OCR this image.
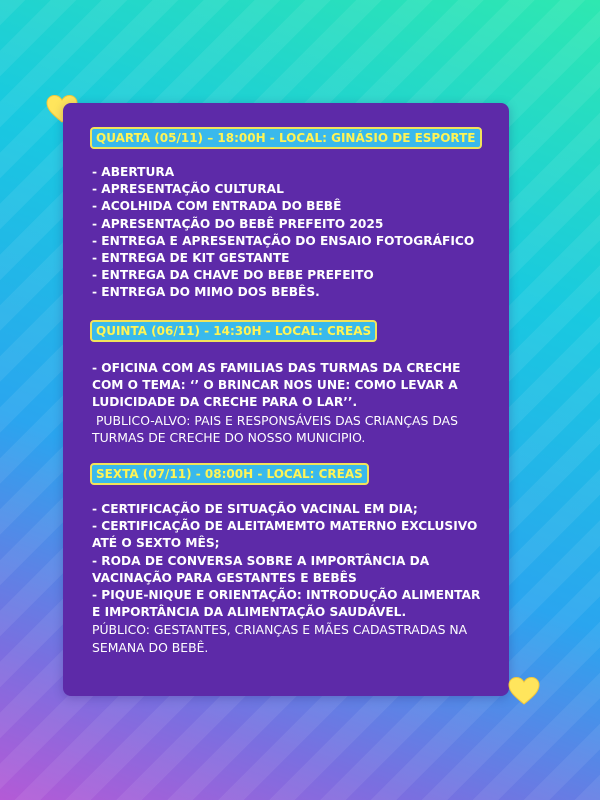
QUARTA (05/11) – 18:00H - LOCAL: GINÁSIO DE ESPORTE
- ABERTURA
- APRESENTAÇÃO CULTURAL
- ACOLHIDA COM ENTRADA DO BEBÊ
- APRESENTAÇÃO DO BEBÊ PREFEITO 2025
- ENTREGA E APRESENTAÇÃO DO ENSAIO FOTOGRÁFICO
- ENTREGA DE KIT GESTANTE
- ENTREGA DA CHAVE DO BEBE PREFEITO
- ENTREGA DO MIMO DOS BEBÊS.
QUINTA (06/11) - 14:30H - LOCAL: CREAS
- OFICINA COM AS FAMILIAS DAS TURMAS DA CRECHE
COM O TEMA: ‘’ O BRINCAR NOS UNE: COMO LEVAR A
LUDICIDADE DA CRECHE PARA O LAR’’.
PUBLICO-ALVO: PAIS E RESPONSÁVEIS DAS CRIANÇAS DAS
TURMAS DE CRECHE DO NOSSO MUNICIPIO.
SEXTA (07/11) - 08:00H - LOCAL: CREAS
- CERTIFICAÇÃO DE SITUAÇÃO VACINAL EM DIA;
- CERTIFICAÇÃO DE ALEITAMEMTO MATERNO EXCLUSIVO
ATÉ O SEXTO MÊS;
- RODA DE CONVERSA SOBRE A IMPORTÂNCIA DA
VACINAÇÃO PARA GESTANTES E BEBÊS
- PIQUE-NIQUE E ORIENTAÇÃO: INTRODUÇÃO ALIMENTAR
E IMPORTÂNCIA DA ALIMENTAÇÃO SAUDÁVEL.
PÚBLICO: GESTANTES, CRIANÇAS E MÃES CADASTRADAS NA
SEMANA DO BEBÊ.
